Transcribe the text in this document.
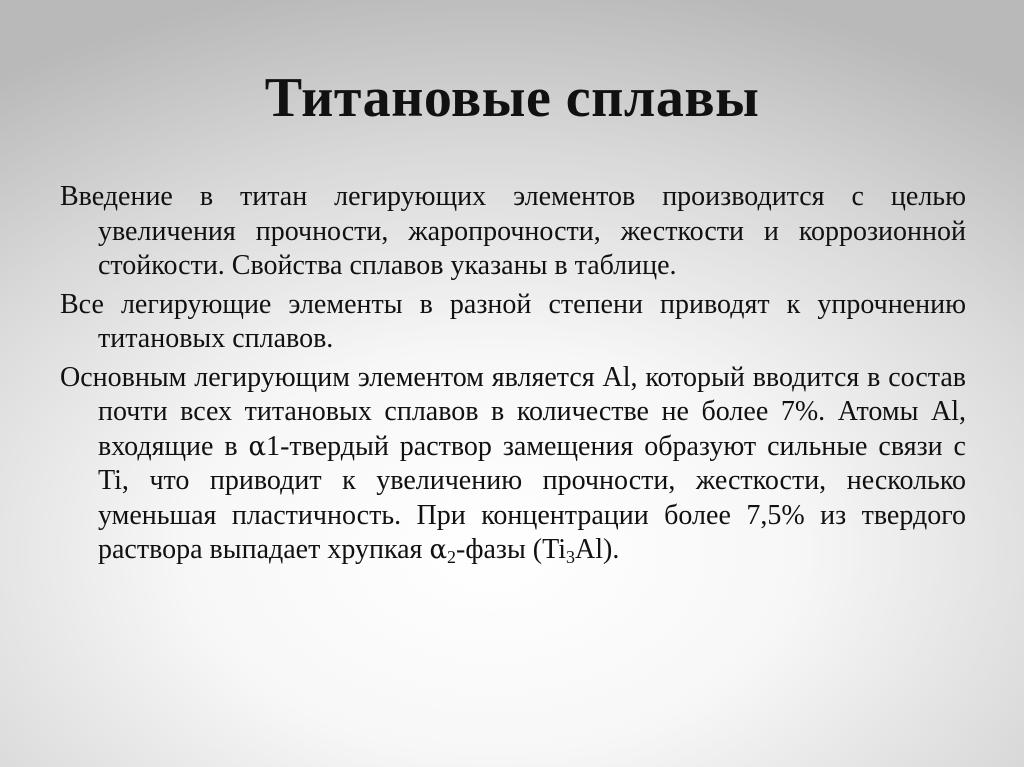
Титановые сплавы

Введение в титан легирующих элементов производится с целью увеличения прочности, жаропрочности, жесткости и коррозионной стойкости. Свойства сплавов указаны в таблице.

Все легирующие элементы в разной степени приводят к упрочнению титановых сплавов.

Основным легирующим элементом является Al, который вводится в состав почти всех титановых сплавов в количестве не более 7%. Атомы Al, входящие в α1-твердый раствор замещения образуют сильные связи с Ti, что приводит к увеличению прочности, жесткости, несколько уменьшая пластичность. При концентрации более 7,5% из твердого раствора выпадает хрупкая $\alpha_2$-фазы $(Ti_3Al)$.
